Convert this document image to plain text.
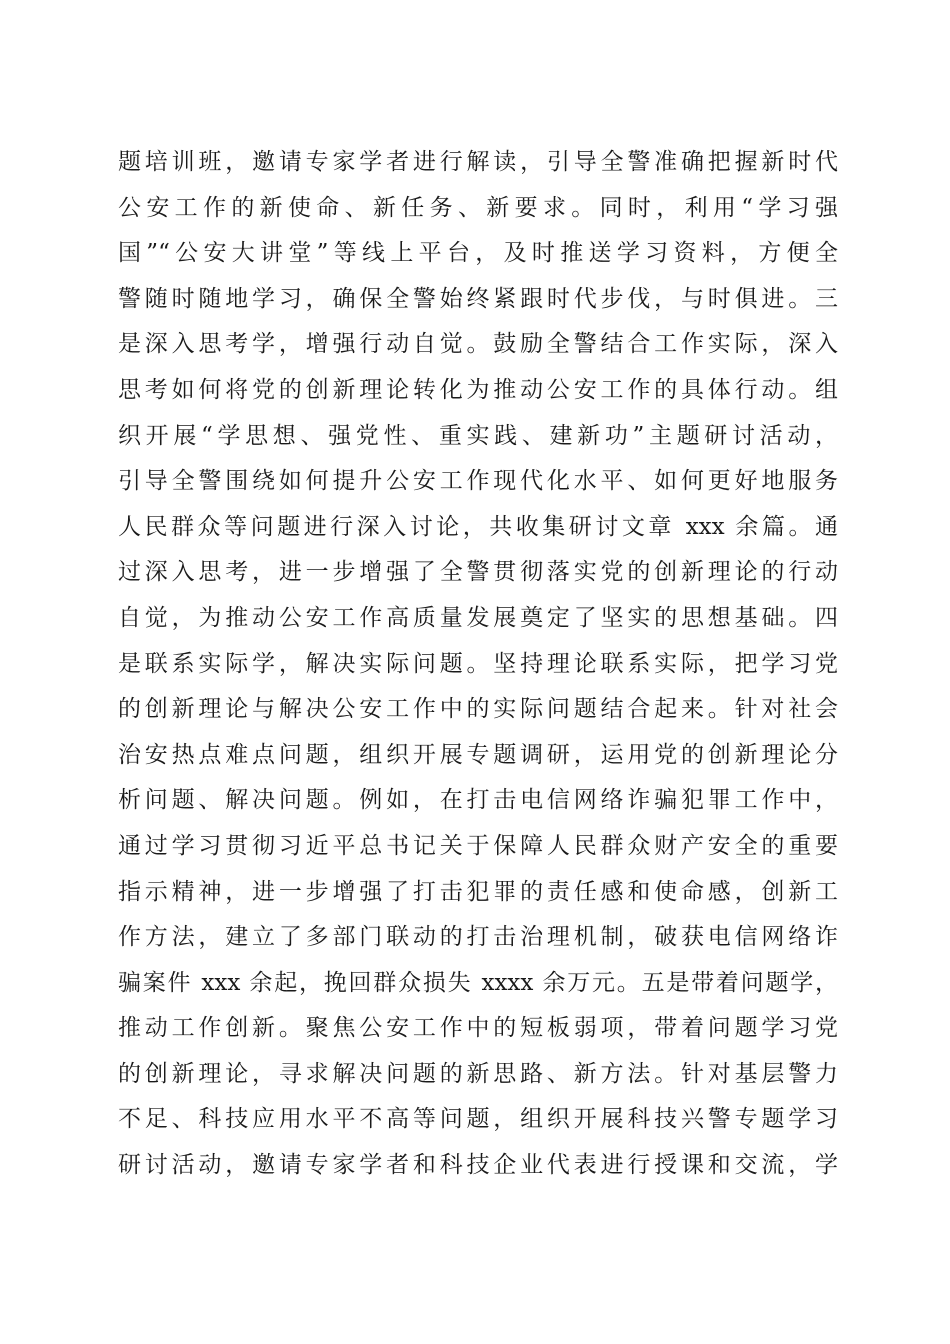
题培训班，邀请专家学者进行解读，引导全警准确把握新时代
公安工作的新使命、新任务、新要求。同时，利用“学习强
国”“公安大讲堂”等线上平台，及时推送学习资料，方便全
警随时随地学习，确保全警始终紧跟时代步伐，与时俱进。三
是深入思考学，增强行动自觉。鼓励全警结合工作实际，深入
思考如何将党的创新理论转化为推动公安工作的具体行动。组
织开展“学思想、强党性、重实践、建新功”主题研讨活动，
引导全警围绕如何提升公安工作现代化水平、如何更好地服务
人民群众等问题进行深入讨论，共收集研讨文章 xxx 余篇。通
过深入思考，进一步增强了全警贯彻落实党的创新理论的行动
自觉，为推动公安工作高质量发展奠定了坚实的思想基础。四
是联系实际学，解决实际问题。坚持理论联系实际，把学习党
的创新理论与解决公安工作中的实际问题结合起来。针对社会
治安热点难点问题，组织开展专题调研，运用党的创新理论分
析问题、解决问题。例如，在打击电信网络诈骗犯罪工作中，
通过学习贯彻习近平总书记关于保障人民群众财产安全的重要
指示精神，进一步增强了打击犯罪的责任感和使命感，创新工
作方法，建立了多部门联动的打击治理机制，破获电信网络诈
骗案件 xxx 余起，挽回群众损失 xxxx 余万元。五是带着问题学，
推动工作创新。聚焦公安工作中的短板弱项，带着问题学习党
的创新理论，寻求解决问题的新思路、新方法。针对基层警力
不足、科技应用水平不高等问题，组织开展科技兴警专题学习
研讨活动，邀请专家学者和科技企业代表进行授课和交流，学
